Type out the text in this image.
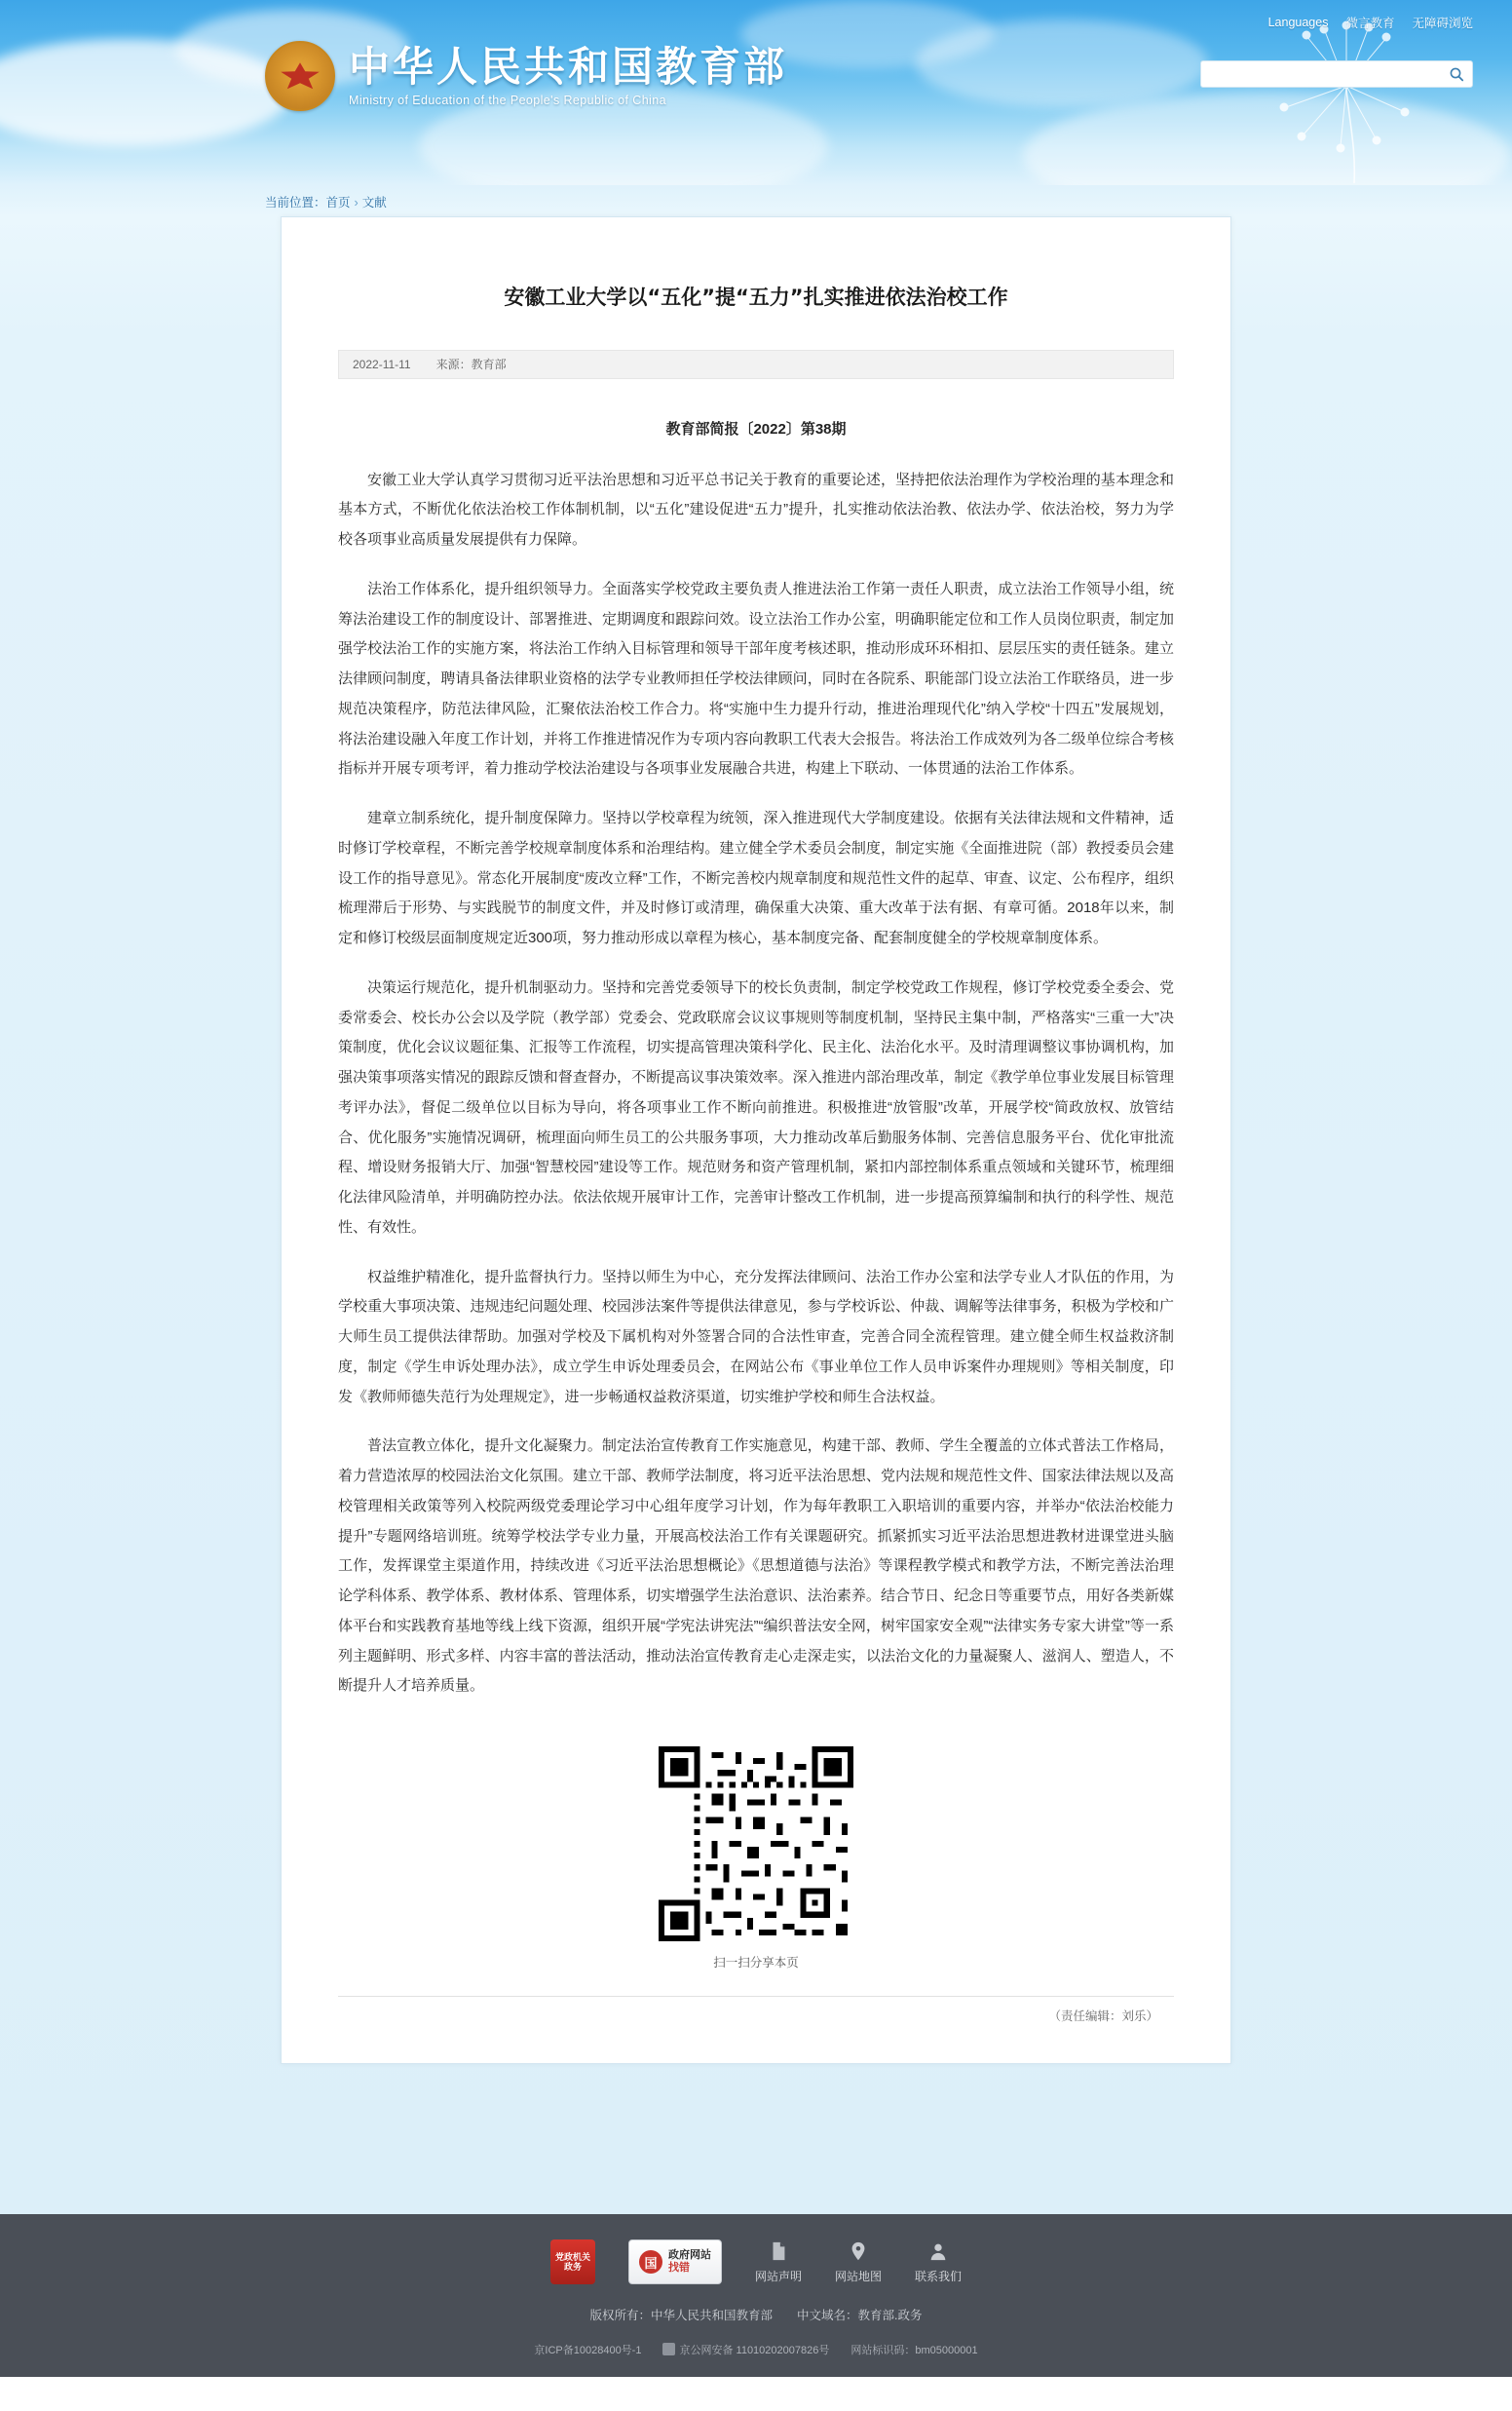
Languages 微言教育 无障碍浏览
中华人民共和国教育部
Ministry of Education of the People's Republic of China
当前位置：首页 › 文献
安徽工业大学以“五化”提“五力”扎实推进依法治校工作
2022-11-11 来源：教育部
教育部简报〔2022〕第38期

安徽工业大学认真学习贯彻习近平法治思想和习近平总书记关于教育的重要论述，坚持把依法治理作为学校治理的基本理念和基本方式，不断优化依法治校工作体制机制，以“五化”建设促进“五力”提升，扎实推动依法治教、依法办学、依法治校，努力为学校各项事业高质量发展提供有力保障。

法治工作体系化，提升组织领导力。全面落实学校党政主要负责人推进法治工作第一责任人职责，成立法治工作领导小组，统筹法治建设工作的制度设计、部署推进、定期调度和跟踪问效。设立法治工作办公室，明确职能定位和工作人员岗位职责，制定加强学校法治工作的实施方案，将法治工作纳入目标管理和领导干部年度考核述职，推动形成环环相扣、层层压实的责任链条。建立法律顾问制度，聘请具备法律职业资格的法学专业教师担任学校法律顾问，同时在各院系、职能部门设立法治工作联络员，进一步规范决策程序，防范法律风险，汇聚依法治校工作合力。将“实施中生力提升行动，推进治理现代化”纳入学校“十四五”发展规划，将法治建设融入年度工作计划，并将工作推进情况作为专项内容向教职工代表大会报告。将法治工作成效列为各二级单位综合考核指标并开展专项考评，着力推动学校法治建设与各项事业发展融合共进，构建上下联动、一体贯通的法治工作体系。

建章立制系统化，提升制度保障力。坚持以学校章程为统领，深入推进现代大学制度建设。依据有关法律法规和文件精神，适时修订学校章程，不断完善学校规章制度体系和治理结构。建立健全学术委员会制度，制定实施《全面推进院（部）教授委员会建设工作的指导意见》。常态化开展制度“废改立释”工作，不断完善校内规章制度和规范性文件的起草、审查、议定、公布程序，组织梳理滞后于形势、与实践脱节的制度文件，并及时修订或清理，确保重大决策、重大改革于法有据、有章可循。2018年以来，制定和修订校级层面制度规定近300项，努力推动形成以章程为核心，基本制度完备、配套制度健全的学校规章制度体系。

决策运行规范化，提升机制驱动力。坚持和完善党委领导下的校长负责制，制定学校党政工作规程，修订学校党委全委会、党委常委会、校长办公会以及学院（教学部）党委会、党政联席会议议事规则等制度机制，坚持民主集中制，严格落实“三重一大”决策制度，优化会议议题征集、汇报等工作流程，切实提高管理决策科学化、民主化、法治化水平。及时清理调整议事协调机构，加强决策事项落实情况的跟踪反馈和督查督办，不断提高议事决策效率。深入推进内部治理改革，制定《教学单位事业发展目标管理考评办法》，督促二级单位以目标为导向，将各项事业工作不断向前推进。积极推进“放管服”改革，开展学校“简政放权、放管结合、优化服务”实施情况调研，梳理面向师生员工的公共服务事项，大力推动改革后勤服务体制、完善信息服务平台、优化审批流程、增设财务报销大厅、加强“智慧校园”建设等工作。规范财务和资产管理机制，紧扣内部控制体系重点领域和关键环节，梳理细化法律风险清单，并明确防控办法。依法依规开展审计工作，完善审计整改工作机制，进一步提高预算编制和执行的科学性、规范性、有效性。

权益维护精准化，提升监督执行力。坚持以师生为中心，充分发挥法律顾问、法治工作办公室和法学专业人才队伍的作用，为学校重大事项决策、违规违纪问题处理、校园涉法案件等提供法律意见，参与学校诉讼、仲裁、调解等法律事务，积极为学校和广大师生员工提供法律帮助。加强对学校及下属机构对外签署合同的合法性审查，完善合同全流程管理。建立健全师生权益救济制度，制定《学生申诉处理办法》，成立学生申诉处理委员会，在网站公布《事业单位工作人员申诉案件办理规则》等相关制度，印发《教师师德失范行为处理规定》，进一步畅通权益救济渠道，切实维护学校和师生合法权益。

普法宣教立体化，提升文化凝聚力。制定法治宣传教育工作实施意见，构建干部、教师、学生全覆盖的立体式普法工作格局，着力营造浓厚的校园法治文化氛围。建立干部、教师学法制度，将习近平法治思想、党内法规和规范性文件、国家法律法规以及高校管理相关政策等列入校院两级党委理论学习中心组年度学习计划，作为每年教职工入职培训的重要内容，并举办“依法治校能力提升”专题网络培训班。统筹学校法学专业力量，开展高校法治工作有关课题研究。抓紧抓实习近平法治思想进教材进课堂进头脑工作，发挥课堂主渠道作用，持续改进《习近平法治思想概论》《思想道德与法治》等课程教学模式和教学方法，不断完善法治理论学科体系、教学体系、教材体系、管理体系，切实增强学生法治意识、法治素养。结合节日、纪念日等重要节点，用好各类新媒体平台和实践教育基地等线上线下资源，组织开展“学宪法讲宪法”“编织普法安全网，树牢国家安全观”“法律实务专家大讲堂”等一系列主题鲜明、形式多样、内容丰富的普法活动，推动法治宣传教育走心走深走实，以法治文化的力量凝聚人、滋润人、塑造人，不断提升人才培养质量。

扫一扫分享本页
（责任编辑：刘乐）
党政机关
政务	国
政府网站
找错
网站声明	网站地图	联系我们
版权所有：中华人民共和国教育部　　中文域名：教育部.政务
京ICP备10028400号-1	京公网安备 11010202007826号 网站标识码：bm05000001
